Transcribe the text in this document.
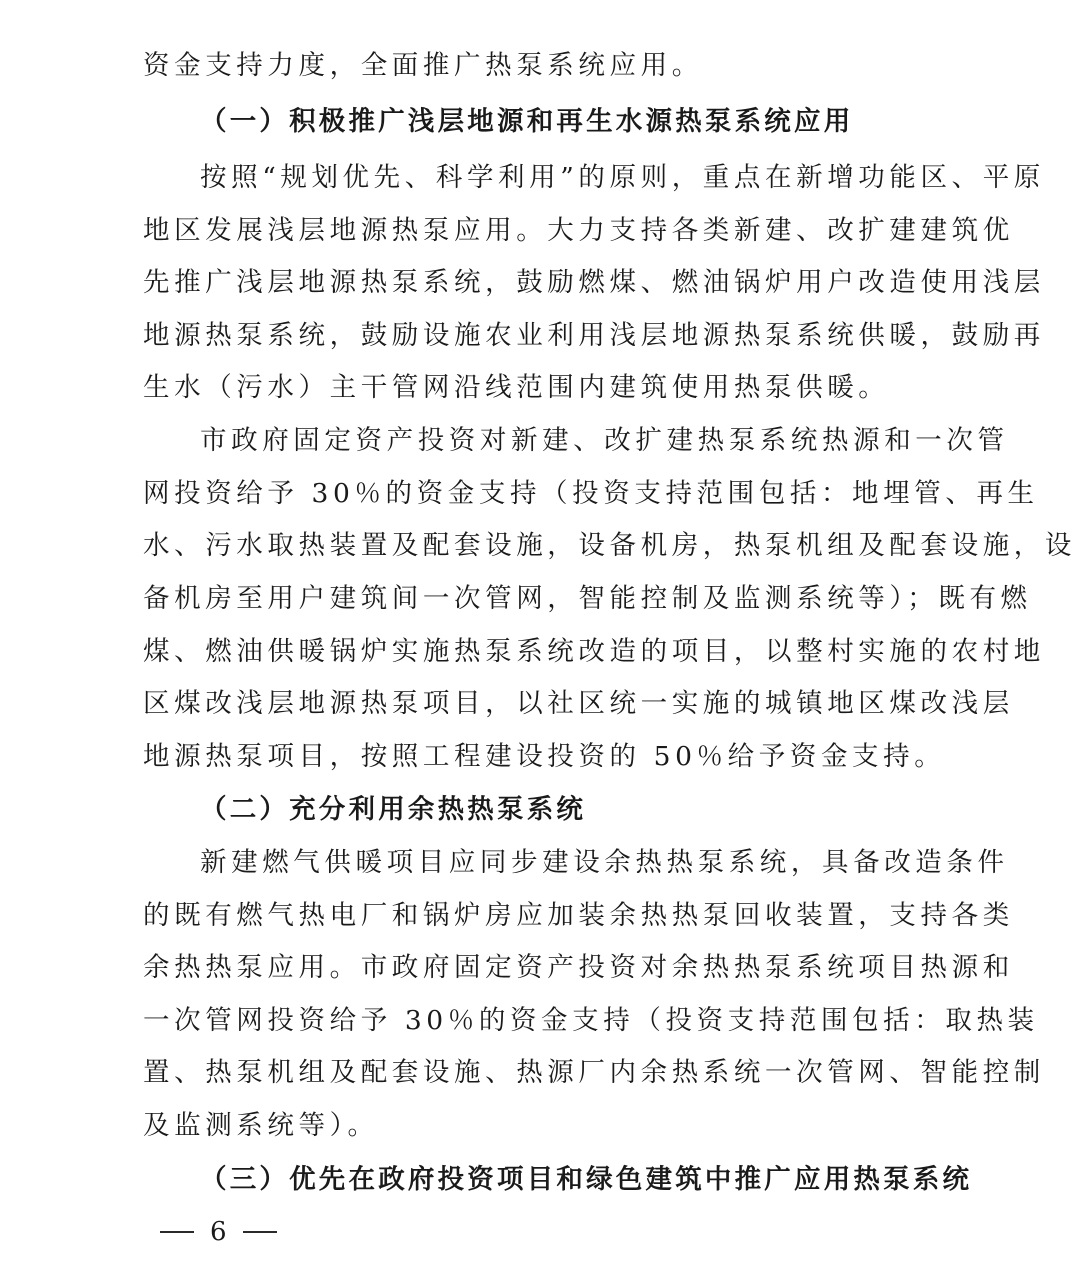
资金支持力度，全面推广热泵系统应用。
（一）积极推广浅层地源和再生水源热泵系统应用
按照“规划优先、科学利用”的原则，重点在新增功能区、平原
地区发展浅层地源热泵应用。大力支持各类新建、改扩建建筑优
先推广浅层地源热泵系统，鼓励燃煤、燃油锅炉用户改造使用浅层
地源热泵系统，鼓励设施农业利用浅层地源热泵系统供暖，鼓励再
生水（污水）主干管网沿线范围内建筑使用热泵供暖。
市政府固定资产投资对新建、改扩建热泵系统热源和一次管
网投资给予 30％的资金支持（投资支持范围包括：地埋管、再生
水、污水取热装置及配套设施，设备机房，热泵机组及配套设施，设
备机房至用户建筑间一次管网，智能控制及监测系统等）；既有燃
煤、燃油供暖锅炉实施热泵系统改造的项目，以整村实施的农村地
区煤改浅层地源热泵项目，以社区统一实施的城镇地区煤改浅层
地源热泵项目，按照工程建设投资的 50％给予资金支持。
（二）充分利用余热热泵系统
新建燃气供暖项目应同步建设余热热泵系统，具备改造条件
的既有燃气热电厂和锅炉房应加装余热热泵回收装置，支持各类
余热热泵应用。市政府固定资产投资对余热热泵系统项目热源和
一次管网投资给予 30％的资金支持（投资支持范围包括：取热装
置、热泵机组及配套设施、热源厂内余热系统一次管网、智能控制
及监测系统等）。
（三）优先在政府投资项目和绿色建筑中推广应用热泵系统
6
